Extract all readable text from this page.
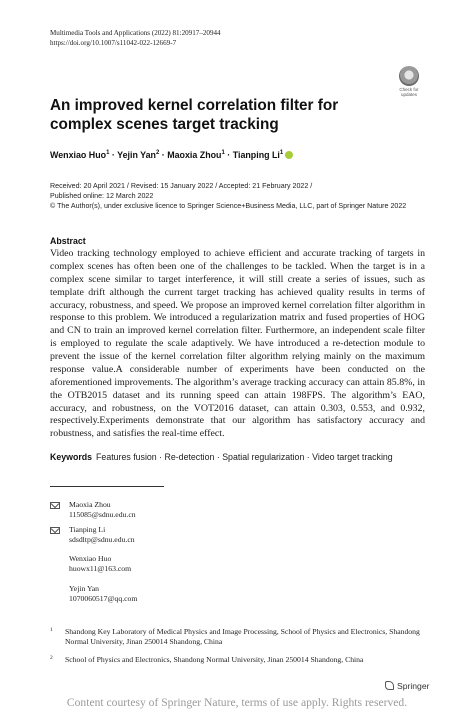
Multimedia Tools and Applications (2022) 81:20917–20944
https://doi.org/10.1007/s11042-022-12669-7
Check for
updates
An improved kernel correlation filter for complex scenes target tracking
Wenxiao Huo$^1$ · Yejin Yan$^2$ · Maoxia Zhou$^1$ · Tianping Li$^1$
Received: 20 April 2021 / Revised: 15 January 2022 / Accepted: 21 February 2022 /
Published online: 12 March 2022
© The Author(s), under exclusive licence to Springer Science+Business Media, LLC, part of Springer Nature 2022
Abstract
Video tracking technology employed to achieve efficient and accurate tracking of targets in complex scenes has often been one of the challenges to be tackled. When the target is in a complex scene similar to target interference, it will still create a series of issues, such as template drift although the current target tracking has achieved quality results in terms of accuracy, robustness, and speed. We propose an improved kernel correlation filter algorithm in response to this problem. We introduced a regularization matrix and fused properties of HOG and CN to train an improved kernel correlation filter. Furthermore, an independent scale filter is employed to regulate the scale adaptively. We have introduced a re-detection module to prevent the issue of the kernel correlation filter algorithm relying mainly on the maximum response value.A considerable number of experiments have been conducted on the aforementioned improvements. The algorithm’s average tracking accuracy can attain 85.8%, in the OTB2015 dataset and its running speed can attain 198FPS. The algorithm’s EAO, accuracy, and robustness, on the VOT2016 dataset, can attain 0.303, 0.553, and 0.932, respectively.Experiments demonstrate that our algorithm has satisfactory accuracy and robustness, and satisfies the real-time effect.
Keywords Features fusion · Re-detection · Spatial regularization · Video target tracking
Maoxia Zhou
115085@sdnu.edu.cn
Tianping Li
sdsdltp@sdnu.edu.cn
Wenxiao Huo
huowx11@163.com
Yejin Yan
1070060517@qq.com
1 Shandong Key Laboratory of Medical Physics and Image Processing, School of Physics and Electronics, Shandong Normal University, Jinan 250014 Shandong, China
2 School of Physics and Electronics, Shandong Normal University, Jinan 250014 Shandong, China
Springer
Content courtesy of Springer Nature, terms of use apply. Rights reserved.
